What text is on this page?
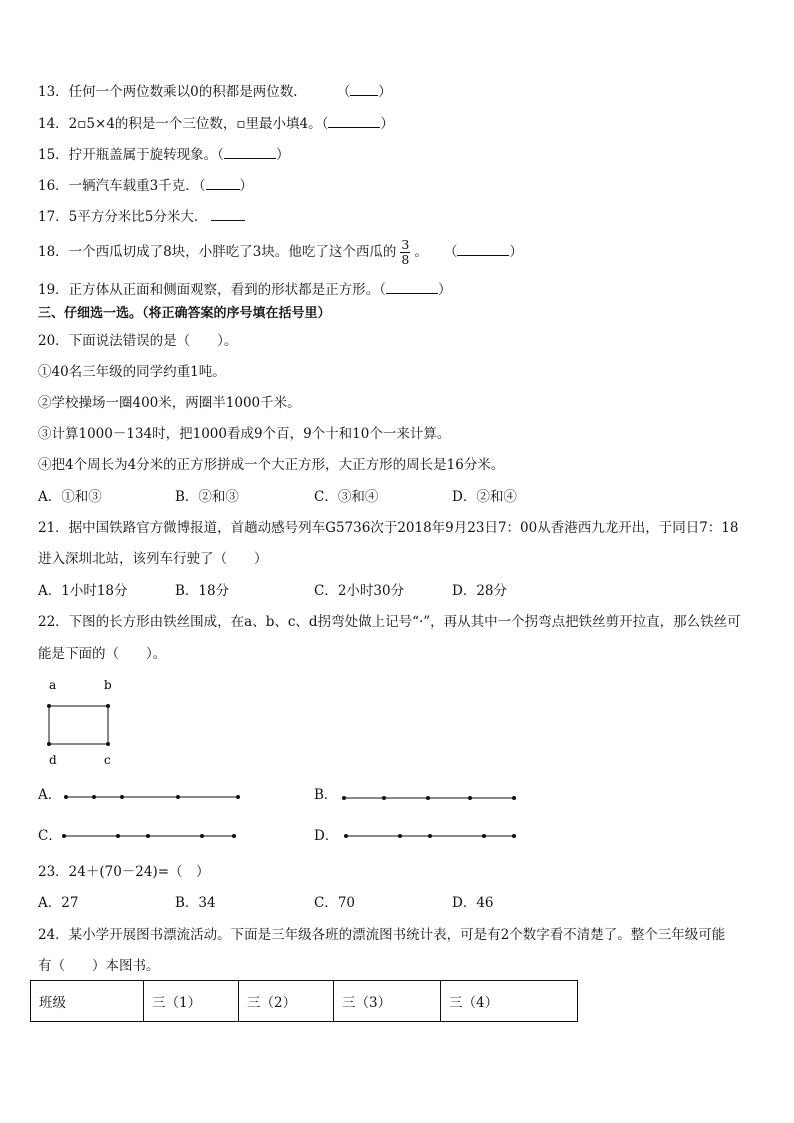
13．任何一个两位数乘以0的积都是两位数． （ ）
14．2▫5×4的积是一个三位数，▫里最小填4。（	）
15．拧开瓶盖属于旋转现象。（	）
16．一辆汽车载重3千克．（	）
17．5平方分米比5分米大．
18．一个西瓜切成了8块，小胖吃了3块。他吃了这个西瓜的 $\frac{3}{8}$ 。 （	）
19．正方体从正面和侧面观察，看到的形状都是正方形。（	）
三、仔细选一选。（将正确答案的序号填在括号里）
20．下面说法错误的是（　　）。
①40名三年级的同学约重1吨。
②学校操场一圈400米，两圈半1000千米。
③计算1000－134时，把1000看成9个百，9个十和10个一来计算。
④把4个周长为4分米的正方形拼成一个大正方形，大正方形的周长是16分米。
A．①和③	B．②和③	C．③和④	D．②和④
21．据中国铁路官方微博报道，首趟动感号列车G5736次于2018年9月23日7：00从香港西九龙开出，于同日7：18
进入深圳北站，该列车行驶了（　　）
A．1小时18分	B．18分	C．2小时30分	D．28分
22．下图的长方形由铁丝围成，在a、b、c、d拐弯处做上记号“·”，再从其中一个拐弯点把铁丝剪开拉直，那么铁丝可
能是下面的（　　）。
a	b
d	c
A．	B．
C．	D．
23．24＋(70－24)=（　）
A．27	B．34	C．70	D．46
24．某小学开展图书漂流活动。下面是三年级各班的漂流图书统计表，可是有2个数字看不清楚了。整个三年级可能
有（　　）本图书。
班级	三（1）	三（2）	三（3）	三（4）
